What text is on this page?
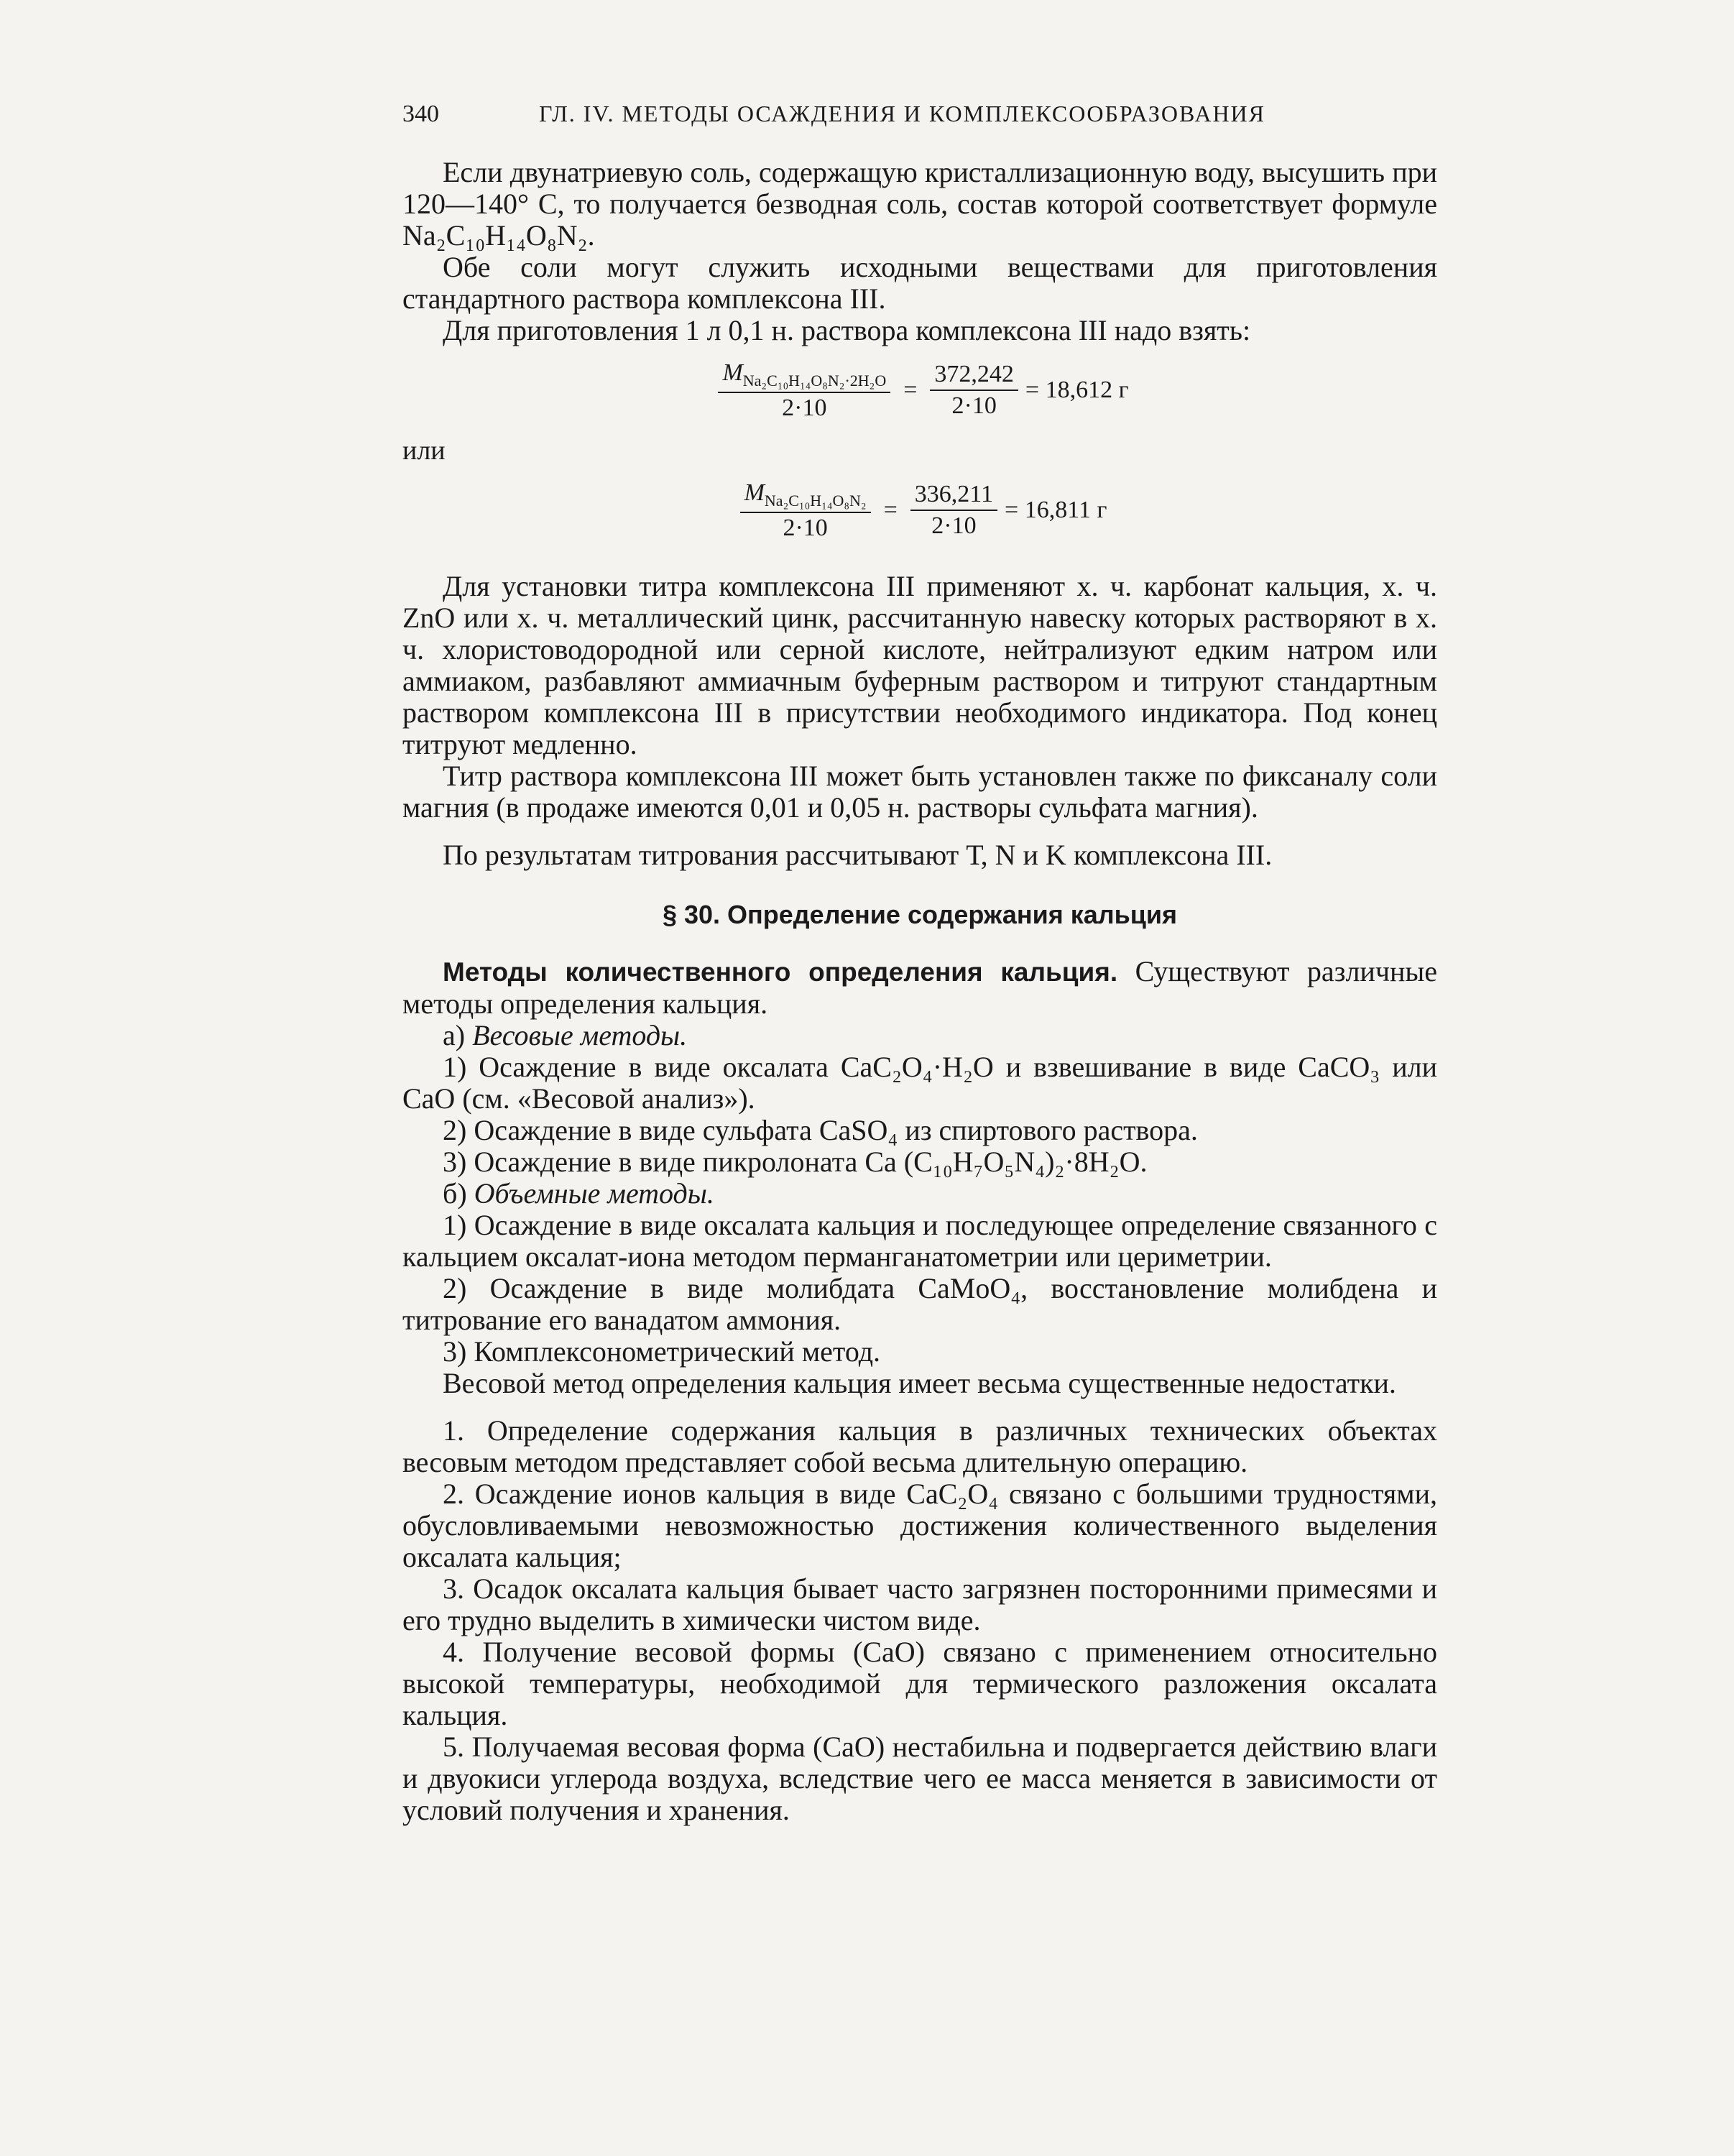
340	ГЛ. IV. МЕТОДЫ ОСАЖДЕНИЯ И КОМПЛЕКСООБРАЗОВАНИЯ

Если двунатриевую соль, содержащую кристаллизационную воду, высушить при 120—140° С, то получается безводная соль, состав которой соответствует формуле Na₂C₁₀H₁₄O₈N₂.

Обе соли могут служить исходными веществами для приготовления стандартного раствора комплексона III.

Для приготовления 1 л 0,1 н. раствора комплексона III надо взять:

$\frac{M_{Na_2C_{10}H_{14}O_8N_2\cdot 2H_2O}}{2\cdot 10} = \frac{372,242}{2\cdot 10} = 18,612$ г
или
$\frac{M_{Na_2C_{10}H_{14}O_8N_2}}{2\cdot 10} = \frac{336,211}{2\cdot 10} = 16,811$ г

Для установки титра комплексона III применяют х. ч. карбонат кальция, х. ч. ZnO или х. ч. металлический цинк, рассчитанную навеску которых растворяют в х. ч. хлористоводородной или серной кислоте, нейтрализуют едким натром или аммиаком, разбавляют аммиачным буферным раствором и титруют стандартным раствором комплексона III в присутствии необходимого индикатора. Под конец титруют медленно.

Титр раствора комплексона III может быть установлен также по фиксаналу соли магния (в продаже имеются 0,01 и 0,05 н. растворы сульфата магния).

По результатам титрования рассчитывают Т, N и K комплексона III.

§ 30. Определение содержания кальция

Методы количественного определения кальция. Существуют различные методы определения кальция.

а) Весовые методы.

1) Осаждение в виде оксалата CaC₂O₄·H₂O и взвешивание в виде CaCO₃ или CaO (см. «Весовой анализ»).

2) Осаждение в виде сульфата CaSO₄ из спиртового раствора.

3) Осаждение в виде пикролоната Ca (C₁₀H₇O₅N₄)₂·8H₂O.

б) Объемные методы.

1) Осаждение в виде оксалата кальция и последующее определение связанного с кальцием оксалат-иона методом перманганатометрии или цериметрии.

2) Осаждение в виде молибдата CaMoO₄, восстановление молибдена и титрование его ванадатом аммония.

3) Комплексонометрический метод.

Весовой метод определения кальция имеет весьма существенные недостатки.

1. Определение содержания кальция в различных технических объектах весовым методом представляет собой весьма длительную операцию.

2. Осаждение ионов кальция в виде CaC₂O₄ связано с большими трудностями, обусловливаемыми невозможностью достижения количественного выделения оксалата кальция;

3. Осадок оксалата кальция бывает часто загрязнен посторонними примесями и его трудно выделить в химически чистом виде.

4. Получение весовой формы (CaO) связано с применением относительно высокой температуры, необходимой для термического разложения оксалата кальция.

5. Получаемая весовая форма (CaO) нестабильна и подвергается действию влаги и двуокиси углерода воздуха, вследствие чего ее масса меняется в зависимости от условий получения и хранения.
